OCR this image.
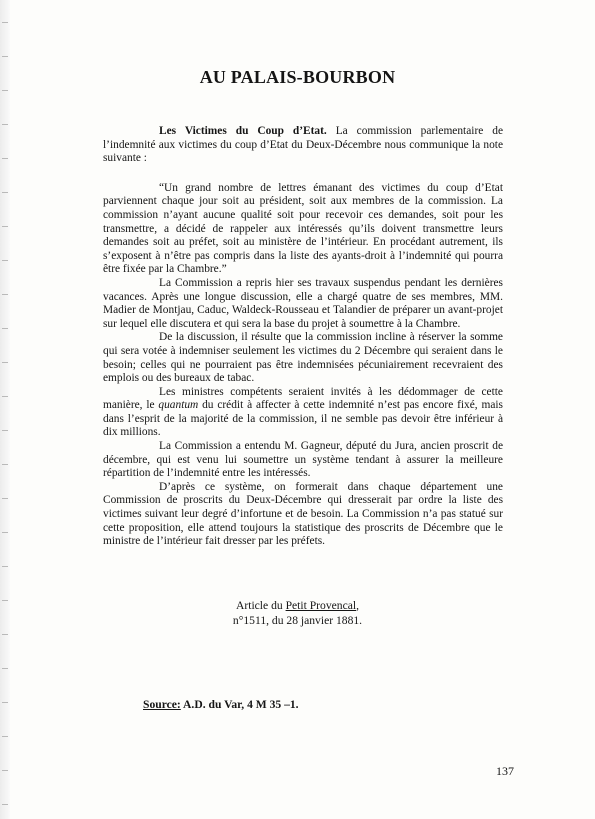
AU PALAIS-BOURBON

Les Victimes du Coup d’Etat. La commission parlementaire de l’indemnité aux victimes du coup d’Etat du Deux-Décembre nous communique la note suivante :

“Un grand nombre de lettres émanant des victimes du coup d’Etat parviennent chaque jour soit au président, soit aux membres de la commission. La commission n’ayant aucune qualité soit pour recevoir ces demandes, soit pour les transmettre, a décidé de rappeler aux intéressés qu’ils doivent transmettre leurs demandes soit au préfet, soit au ministère de l’intérieur. En procédant autrement, ils s’exposent à n’être pas compris dans la liste des ayants-droit à l’indemnité qui pourra être fixée par la Chambre.”

La Commission a repris hier ses travaux suspendus pendant les dernières vacances. Après une longue discussion, elle a chargé quatre de ses membres, MM. Madier de Montjau, Caduc, Waldeck-Rousseau et Talandier de préparer un avant-projet sur lequel elle discutera et qui sera la base du projet à soumettre à la Chambre.

De la discussion, il résulte que la commission incline à réserver la somme qui sera votée à indemniser seulement les victimes du 2 Décembre qui seraient dans le besoin; celles qui ne pourraient pas être indemnisées pécuniairement recevraient des emplois ou des bureaux de tabac.

Les ministres compétents seraient invités à les dédommager de cette manière, le quantum du crédit à affecter à cette indemnité n’est pas encore fixé, mais dans l’esprit de la majorité de la commission, il ne semble pas devoir être inférieur à dix millions.

La Commission a entendu M. Gagneur, député du Jura, ancien proscrit de décembre, qui est venu lui soumettre un système tendant à assurer la meilleure répartition de l’indemnité entre les intéressés.

D’après ce système, on formerait dans chaque département une Commission de proscrits du Deux-Décembre qui dresserait par ordre la liste des victimes suivant leur degré d’infortune et de besoin. La Commission n’a pas statué sur cette proposition, elle attend toujours la statistique des proscrits de Décembre que le ministre de l’intérieur fait dresser par les préfets.

Article du Petit Provencal,
n°1511, du 28 janvier 1881.
Source: A.D. du Var, 4 M 35 –1.
137
